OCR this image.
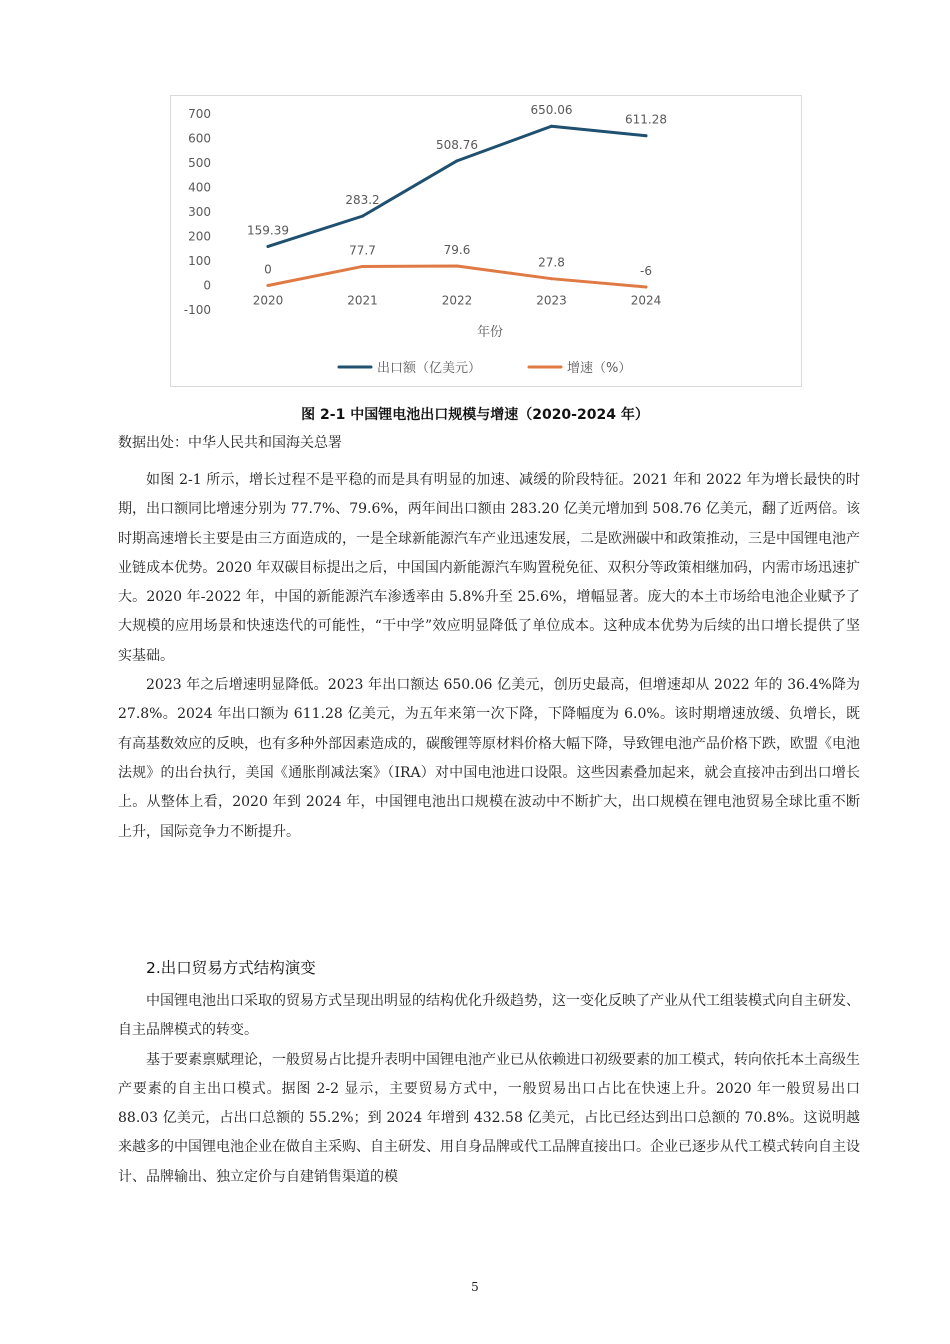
-100
0
100
200
300
400
500
600
700
2020	2021	2022	2023	2024
年份
159.39
283.2
508.76
650.06
611.28
0
77.7	79.6
27.8
-6
出口额（亿美元）	增速（%）
图 2-1 中国锂电池出口规模与增速（2020-2024 年）
数据出处：中华人民共和国海关总署

如图 2-1 所示，增长过程不是平稳的而是具有明显的加速、减缓的阶段特征。2021 年和 2022 年为增长最快的时期，出口额同比增速分别为 77.7%、79.6%，两年间出口额由 283.20 亿美元增加到 508.76 亿美元，翻了近两倍。该时期高速增长主要是由三方面造成的，一是全球新能源汽车产业迅速发展，二是欧洲碳中和政策推动，三是中国锂电池产业链成本优势。2020 年双碳目标提出之后，中国国内新能源汽车购置税免征、双积分等政策相继加码，内需市场迅速扩大。2020 年-2022 年，中国的新能源汽车渗透率由 5.8%升至 25.6%，增幅显著。庞大的本土市场给电池企业赋予了大规模的应用场景和快速迭代的可能性，“干中学”效应明显降低了单位成本。这种成本优势为后续的出口增长提供了坚实基础。

2023 年之后增速明显降低。2023 年出口额达 650.06 亿美元，创历史最高，但增速却从 2022 年的 36.4%降为 27.8%。2024 年出口额为 611.28 亿美元，为五年来第一次下降，下降幅度为 6.0%。该时期增速放缓、负增长，既有高基数效应的反映，也有多种外部因素造成的，碳酸锂等原材料价格大幅下降，导致锂电池产品价格下跌，欧盟《电池法规》的出台执行，美国《通胀削减法案》（IRA）对中国电池进口设限。这些因素叠加起来，就会直接冲击到出口增长上。从整体上看，2020 年到 2024 年，中国锂电池出口规模在波动中不断扩大，出口规模在锂电池贸易全球比重不断上升，国际竞争力不断提升。

2.出口贸易方式结构演变

中国锂电池出口采取的贸易方式呈现出明显的结构优化升级趋势，这一变化反映了产业从代工组装模式向自主研发、自主品牌模式的转变。

基于要素禀赋理论，一般贸易占比提升表明中国锂电池产业已从依赖进口初级要素的加工模式，转向依托本土高级生产要素的自主出口模式。据图 2-2 显示，主要贸易方式中，一般贸易出口占比在快速上升。2020 年一般贸易出口 88.03 亿美元，占出口总额的 55.2%；到 2024 年增到 432.58 亿美元，占比已经达到出口总额的 70.8%。这说明越来越多的中国锂电池企业在做自主采购、自主研发、用自身品牌或代工品牌直接出口。企业已逐步从代工模式转向自主设计、品牌输出、独立定价与自建销售渠道的模

5
